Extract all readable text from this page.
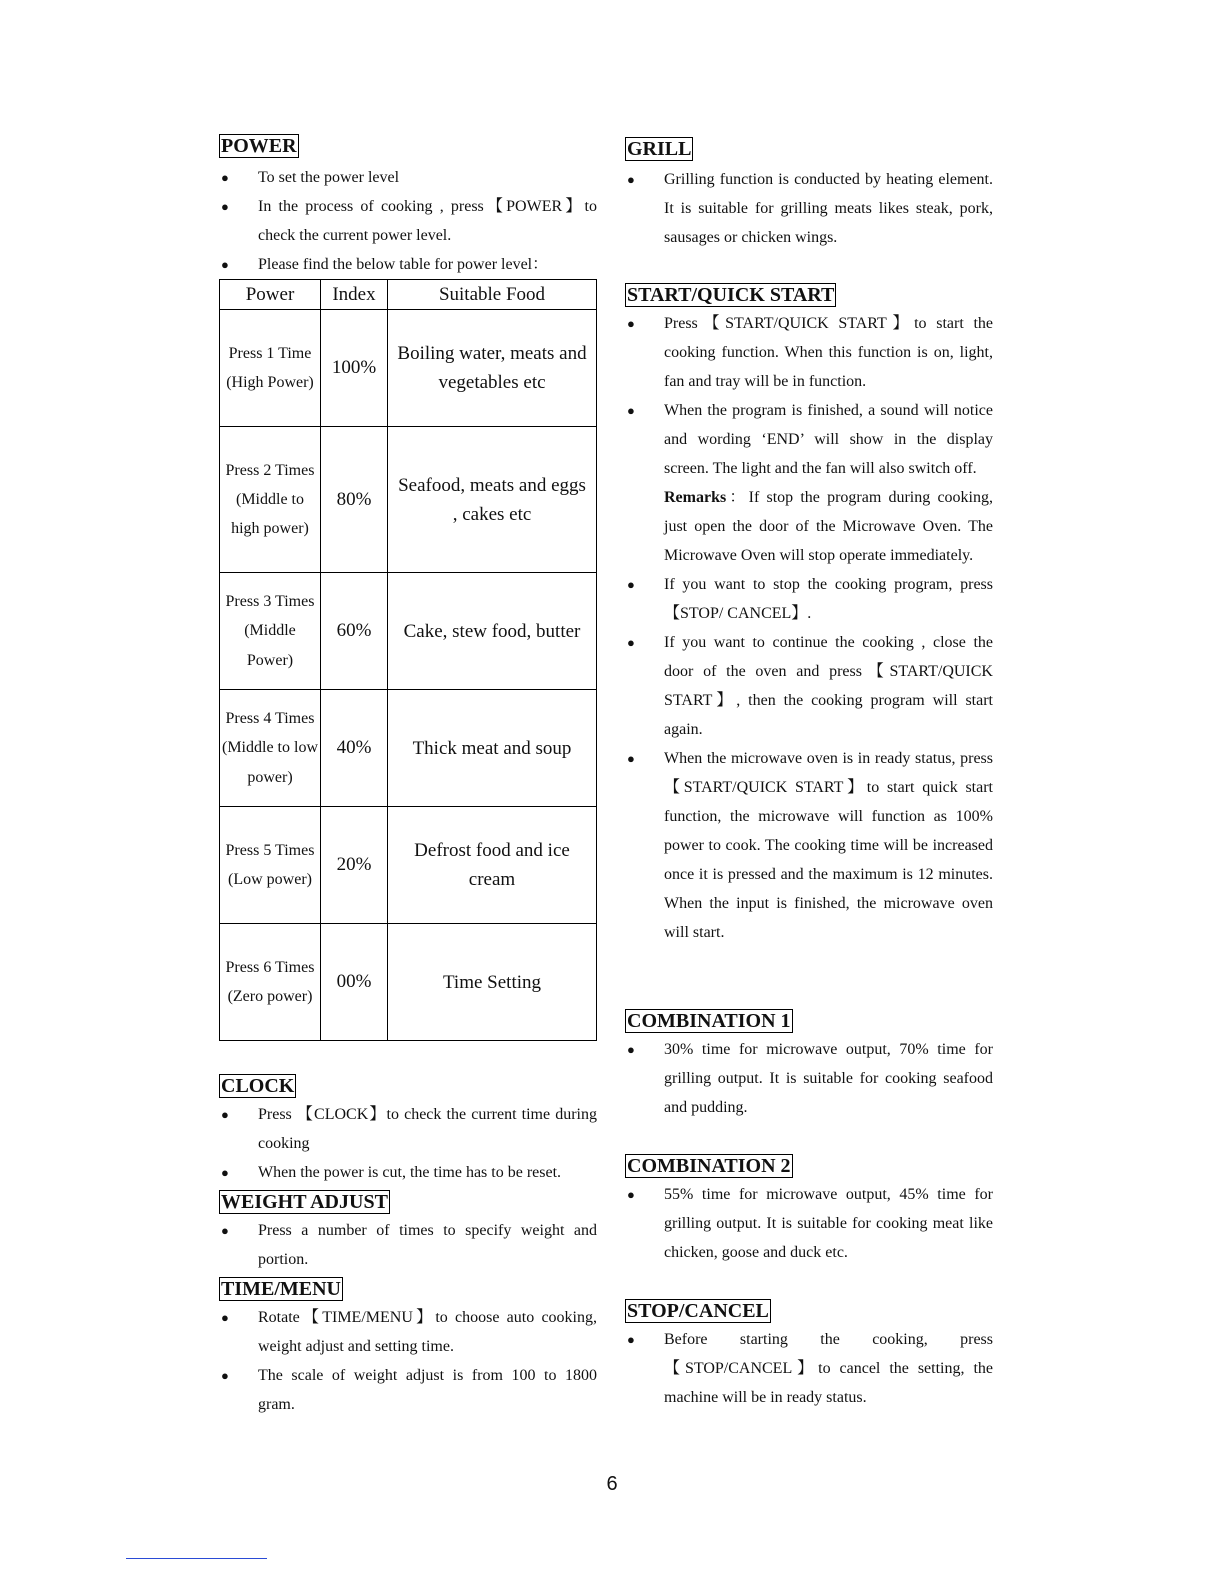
POWER
● To set the power level
● In the process of cooking , press【POWER】to check the current power level.
● Please find the below table for power level：
Power	Index	Suitable Food
Press 1 Time (High Power)	100%	Boiling water, meats and vegetables etc
Press 2 Times (Middle to high power)	80%	Seafood, meats and eggs , cakes etc
Press 3 Times (Middle Power)	60%	Cake, stew food, butter
Press 4 Times (Middle to low power)	40%	Thick meat and soup
Press 5 Times (Low power)	20%	Defrost food and ice cream
Press 6 Times (Zero power)	00%	Time Setting
CLOCK
● Press 【CLOCK】to check the current time during cooking
● When the power is cut, the time has to be reset.
WEIGHT ADJUST
● Press a number of times to specify weight and portion.
TIME/MENU
● Rotate【TIME/MENU】to choose auto cooking, weight adjust and setting time.
● The scale of weight adjust is from 100 to 1800 gram.
GRILL
● Grilling function is conducted by heating element. It is suitable for grilling meats likes steak, pork, sausages or chicken wings.
START/QUICK START
● Press【START/QUICK START】to start the cooking function. When this function is on, light, fan and tray will be in function.
● When the program is finished, a sound will notice and wording ‘END’ will show in the display screen. The light and the fan will also switch off.
Remarks：If stop the program during cooking, just open the door of the Microwave Oven. The Microwave Oven will stop operate immediately.
● If you want to stop the cooking program, press 【STOP/ CANCEL】.
● If you want to continue the cooking , close the door of the oven and press【START/QUICK START】, then the cooking program will start again.
● When the microwave oven is in ready status, press 【START/QUICK START】to start quick start function, the microwave will function as 100% power to cook. The cooking time will be increased once it is pressed and the maximum is 12 minutes. When the input is finished, the microwave oven will start.
COMBINATION 1
● 30% time for microwave output, 70% time for grilling output. It is suitable for cooking seafood and pudding.
COMBINATION 2
● 55% time for microwave output, 45% time for grilling output. It is suitable for cooking meat like chicken, goose and duck etc.
STOP/CANCEL
● Before starting the cooking, press 【STOP/CANCEL】to cancel the setting, the machine will be in ready status.
6
